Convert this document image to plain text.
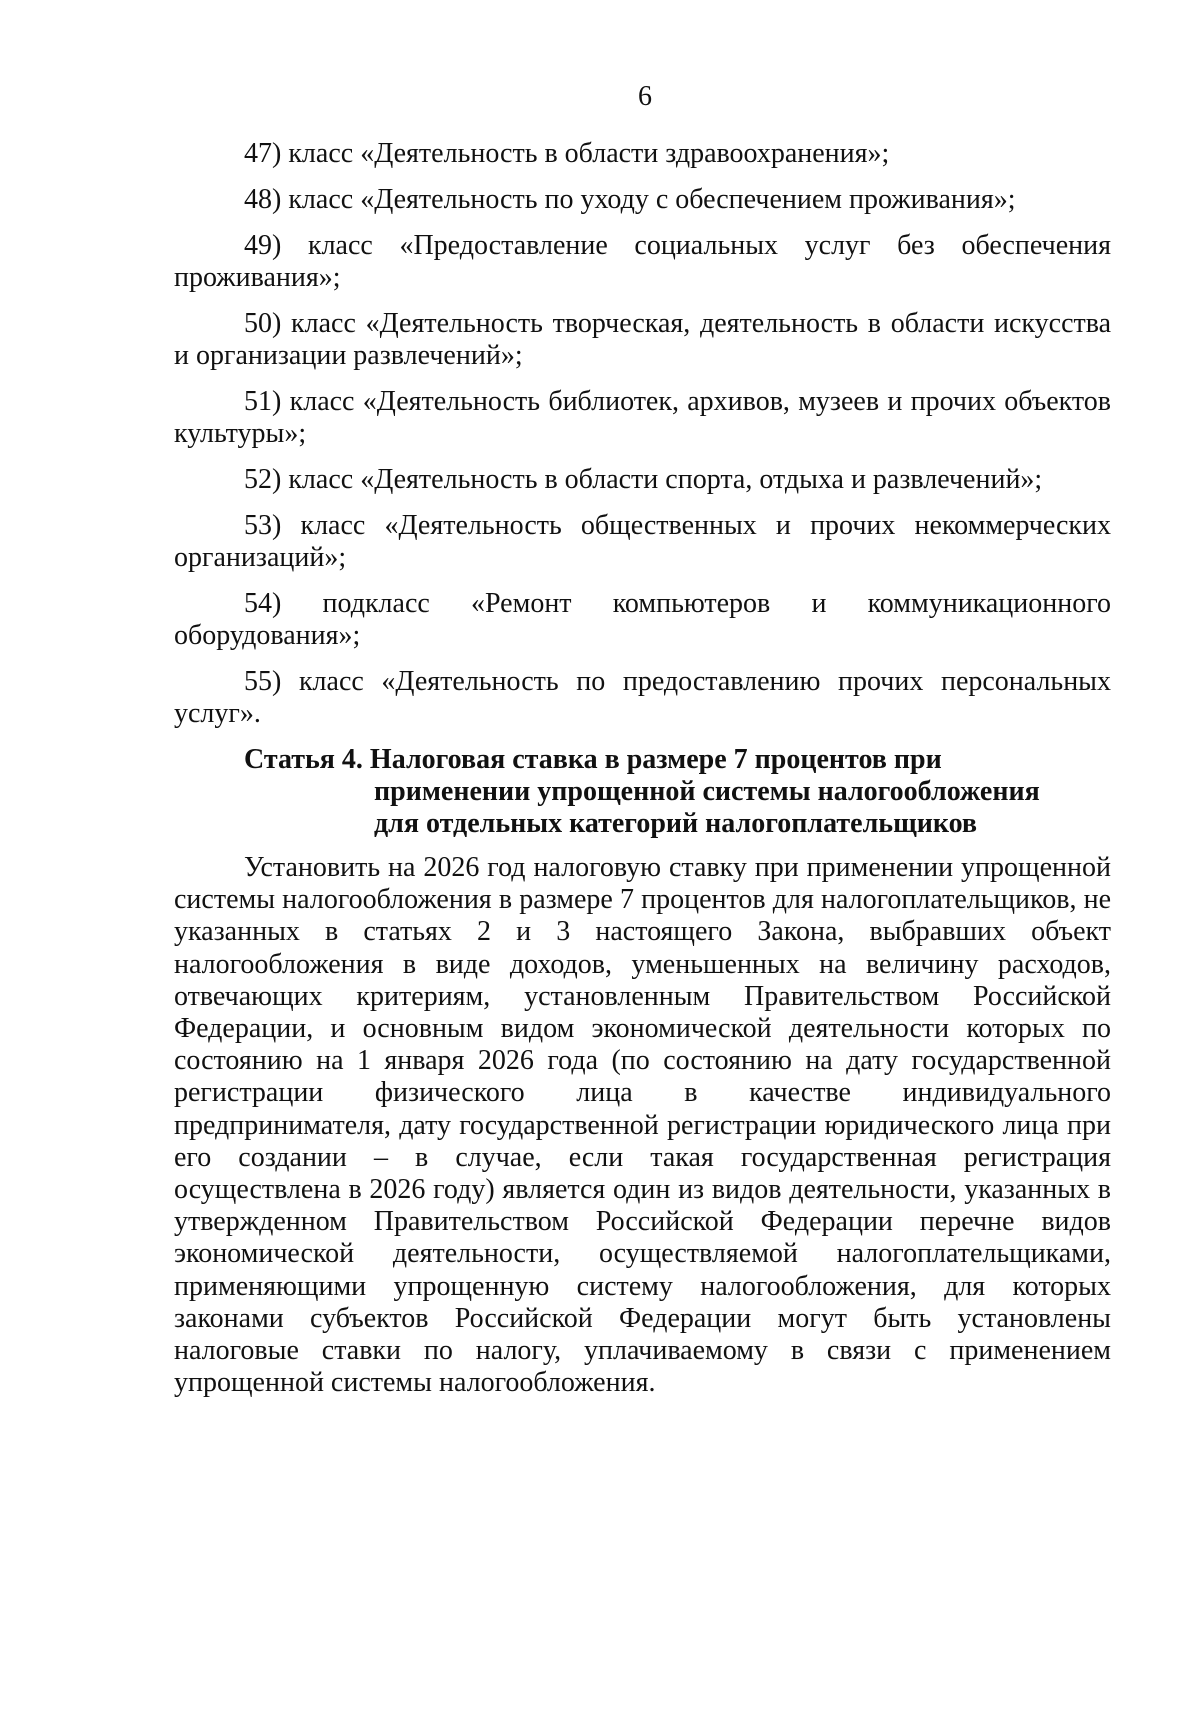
6

47) класс «Деятельность в области здравоохранения»;

48) класс «Деятельность по уходу с обеспечением проживания»;

49) класс «Предоставление социальных услуг без обеспечения проживания»;

50) класс «Деятельность творческая, деятельность в области искусства и организации развлечений»;

51) класс «Деятельность библиотек, архивов, музеев и прочих объектов культуры»;

52) класс «Деятельность в области спорта, отдыха и развлечений»;

53) класс «Деятельность общественных и прочих некоммерческих организаций»;

54) подкласс «Ремонт компьютеров и коммуникационного оборудования»;

55) класс «Деятельность по предоставлению прочих персональных услуг».

Статья 4. Налоговая ставка в размере 7 процентов при
применении упрощенной системы налогообложения
для отдельных категорий налогоплательщиков

Установить на 2026 год налоговую ставку при применении упрощенной системы налогообложения в размере 7 процентов для налогоплательщиков, не указанных в статьях 2 и 3 настоящего Закона, выбравших объект налогообложения в виде доходов, уменьшенных на величину расходов, отвечающих критериям, установленным Правительством Российской Федерации, и основным видом экономической деятельности которых по состоянию на 1 января 2026 года (по состоянию на дату государственной регистрации физического лица в качестве индивидуального предпринимателя, дату государственной регистрации юридического лица при его создании – в случае, если такая государственная регистрация осуществлена в 2026 году) является один из видов деятельности, указанных в утвержденном Правительством Российской Федерации перечне видов экономической деятельности, осуществляемой налогоплательщиками, применяющими упрощенную систему налогообложения, для которых законами субъектов Российской Федерации могут быть установлены налоговые ставки по налогу, уплачиваемому в связи с применением упрощенной системы налогообложения.
